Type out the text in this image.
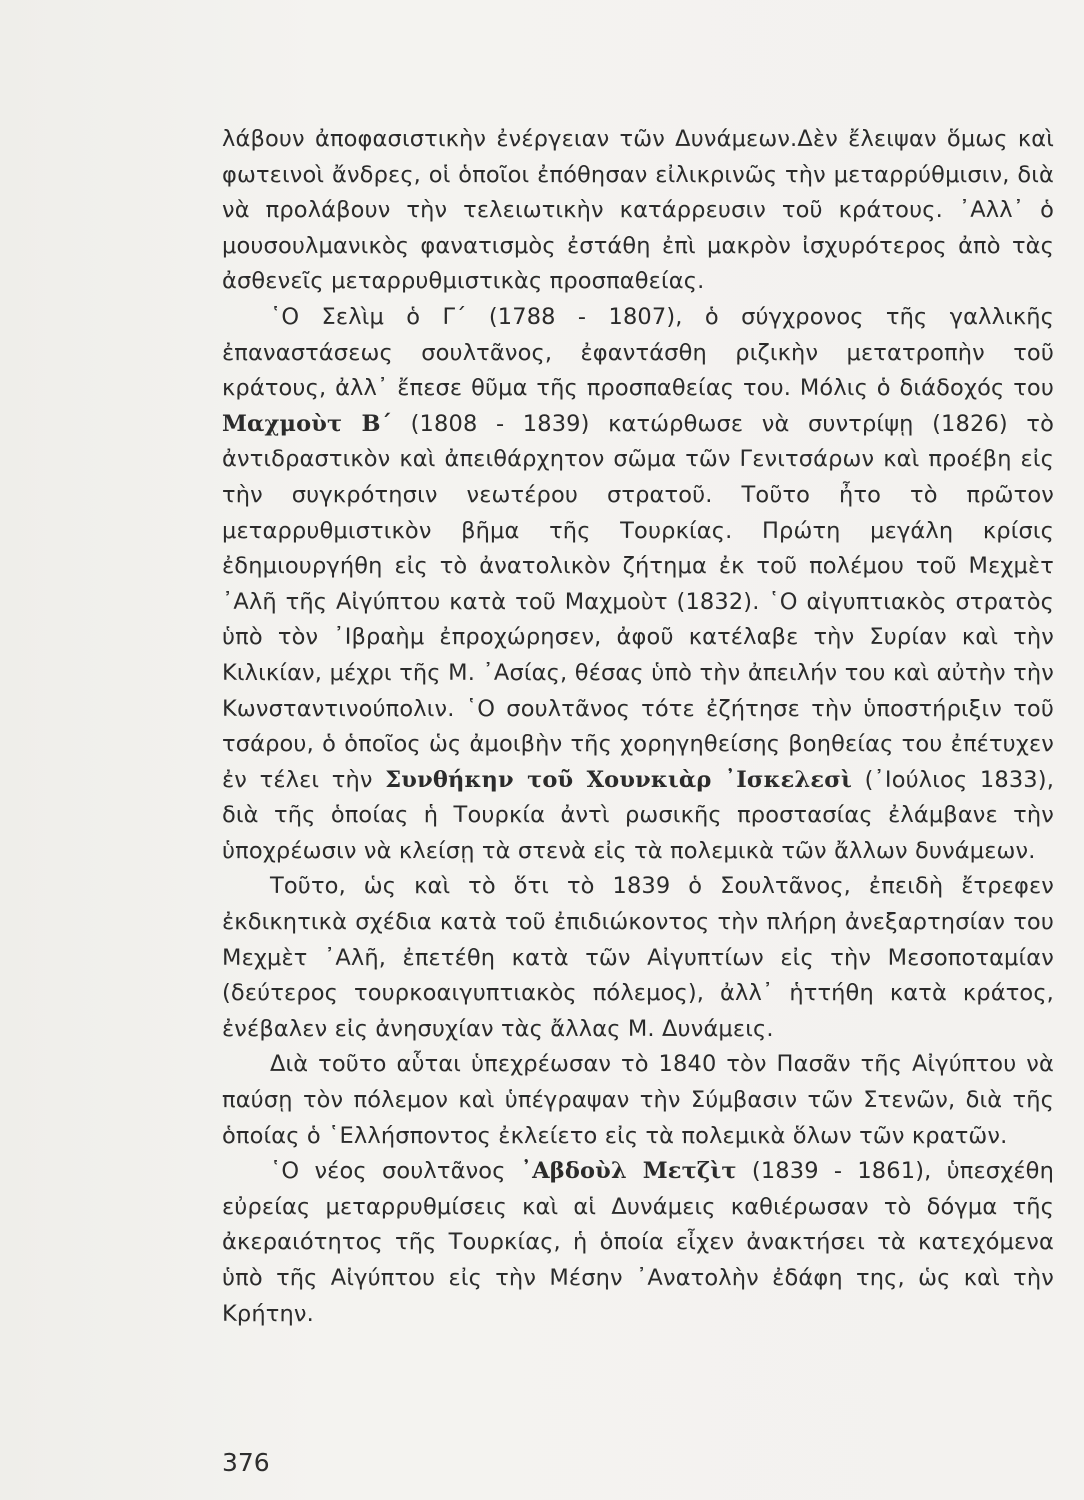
λάβουν ἀποφασιστικὴν ἐνέργειαν τῶν Δυνάμεων.Δὲν ἔλειψαν ὅμως καὶ φωτεινοὶ ἄνδρες, οἱ ὁποῖοι ἐπόθησαν εἰλικρινῶς τὴν μεταρρύθμισιν, διὰ νὰ προλάβουν τὴν τελειωτικὴν κατάρρευσιν τοῦ κράτους. ᾽Αλλ᾽ ὁ μουσουλμανικὸς φανατισμὸς ἐστάθη ἐπὶ μακρὸν ἰσχυρότερος ἀπὸ τὰς ἀσθενεῖς μεταρρυθμιστικὰς προσπαθείας.

῾Ο Σελὶμ ὁ Γ΄ (1788 - 1807), ὁ σύγχρονος τῆς γαλλικῆς ἐπαναστάσεως σουλτᾶνος, ἐφαντάσθη ριζικὴν μετατροπὴν τοῦ κράτους, ἀλλ᾽ ἔπεσε θῦμα τῆς προσπαθείας του. Μόλις ὁ διάδοχός του Μαχμοὺτ Β΄ (1808 - 1839) κατώρθωσε νὰ συντρίψῃ (1826) τὸ ἀντιδραστικὸν καὶ ἀπειθάρχητον σῶμα τῶν Γενιτσάρων καὶ προέβη εἰς τὴν συγκρότησιν νεωτέρου στρατοῦ. Τοῦτο ἦτο τὸ πρῶτον μεταρρυθμιστικὸν βῆμα τῆς Τουρκίας. Πρώτη μεγάλη κρίσις ἐδημιουργήθη εἰς τὸ ἀνατολικὸν ζήτημα ἐκ τοῦ πολέμου τοῦ Μεχμὲτ ᾽Αλῆ τῆς Αἰγύπτου κατὰ τοῦ Μαχμοὺτ (1832). ῾Ο αἰγυπτιακὸς στρατὸς ὑπὸ τὸν ᾽Ιβραὴμ ἐπροχώρησεν, ἀφοῦ κατέλαβε τὴν Συρίαν καὶ τὴν Κιλικίαν, μέχρι τῆς Μ. ᾽Ασίας, θέσας ὑπὸ τὴν ἀπειλήν του καὶ αὐτὴν τὴν Κωνσταντινούπολιν. ῾Ο σουλτᾶνος τότε ἐζήτησε τὴν ὑποστήριξιν τοῦ τσάρου, ὁ ὁποῖος ὡς ἀμοιβὴν τῆς χορηγηθείσης βοηθείας του ἐπέτυχεν ἐν τέλει τὴν Συνθήκην τοῦ Χουνκιὰρ ᾽Ισκελεσὶ (᾽Ιούλιος 1833), διὰ τῆς ὁποίας ἡ Τουρκία ἀντὶ ρωσικῆς προστασίας ἐλάμβανε τὴν ὑποχρέωσιν νὰ κλείσῃ τὰ στενὰ εἰς τὰ πολεμικὰ τῶν ἄλλων δυνάμεων.

Τοῦτο, ὡς καὶ τὸ ὅτι τὸ 1839 ὁ Σουλτᾶνος, ἐπειδὴ ἔτρεφεν ἐκδικητικὰ σχέδια κατὰ τοῦ ἐπιδιώκοντος τὴν πλήρη ἀνεξαρτησίαν του Μεχμὲτ ᾽Αλῆ, ἐπετέθη κατὰ τῶν Αἰγυπτίων εἰς τὴν Μεσοποταμίαν (δεύτερος τουρκοαιγυπτιακὸς πόλεμος), ἀλλ᾽ ἡττήθη κατὰ κράτος, ἐνέβαλεν εἰς ἀνησυχίαν τὰς ἄλλας Μ. Δυνάμεις.

Διὰ τοῦτο αὗται ὑπεχρέωσαν τὸ 1840 τὸν Πασᾶν τῆς Αἰγύπτου νὰ παύσῃ τὸν πόλεμον καὶ ὑπέγραψαν τὴν Σύμβασιν τῶν Στενῶν, διὰ τῆς ὁποίας ὁ ῾Ελλήσποντος ἐκλείετο εἰς τὰ πολεμικὰ ὅλων τῶν κρατῶν.

῾Ο νέος σουλτᾶνος ᾽Αβδοὺλ Μετζὶτ (1839 - 1861), ὑπεσχέθη εὐρείας μεταρρυθμίσεις καὶ αἱ Δυνάμεις καθιέρωσαν τὸ δόγμα τῆς ἀκεραιότητος τῆς Τουρκίας, ἡ ὁποία εἶχεν ἀνακτήσει τὰ κατεχόμενα ὑπὸ τῆς Αἰγύπτου εἰς τὴν Μέσην ᾽Ανατολὴν ἐδάφη της, ὡς καὶ τὴν Κρήτην.

376
